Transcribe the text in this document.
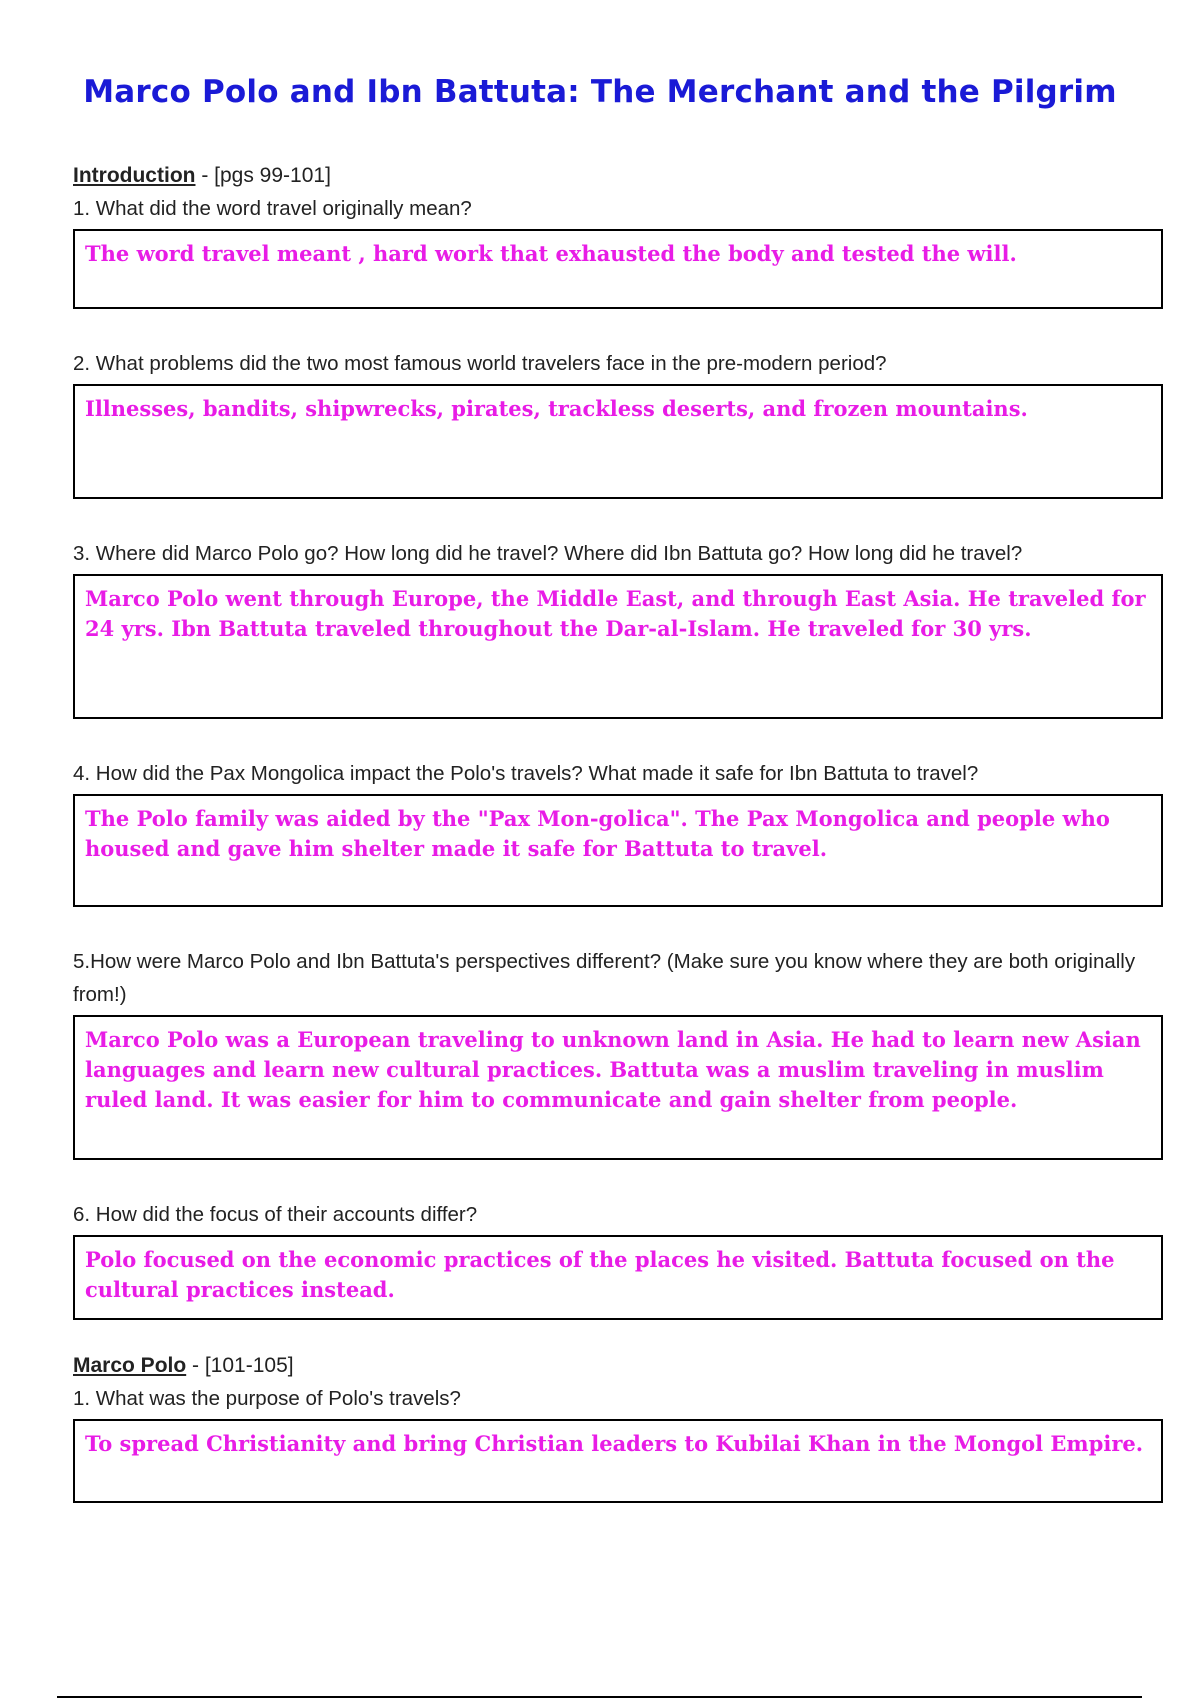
Marco Polo and Ibn Battuta: The Merchant and the Pilgrim

Introduction - [pgs 99-101]

1. What did the word travel originally mean?

The word travel meant , hard work that exhausted the body and tested the will.

2. What problems did the two most famous world travelers face in the pre-modern period?

Illnesses, bandits, shipwrecks, pirates, trackless deserts, and frozen mountains.

3. Where did Marco Polo go? How long did he travel? Where did Ibn Battuta go? How long did he travel?

Marco Polo went through Europe, the Middle East, and through East Asia. He traveled for 24 yrs. Ibn Battuta traveled throughout the Dar-al-Islam. He traveled for 30 yrs.

4. How did the Pax Mongolica impact the Polo's travels? What made it safe for Ibn Battuta to travel?

The Polo family was aided by the "Pax Mon-golica". The Pax Mongolica and people who housed and gave him shelter made it safe for Battuta to travel.

5.How were Marco Polo and Ibn Battuta's perspectives different? (Make sure you know where they are both originally from!)

Marco Polo was a European traveling to unknown land in Asia. He had to learn new Asian languages and learn new cultural practices. Battuta was a muslim traveling in muslim ruled land. It was easier for him to communicate and gain shelter from people.

6. How did the focus of their accounts differ?

Polo focused on the economic practices of the places he visited. Battuta focused on the cultural practices instead.

Marco Polo - [101-105]

1. What was the purpose of Polo's travels?

To spread Christianity and bring Christian leaders to Kubilai Khan in the Mongol Empire.
